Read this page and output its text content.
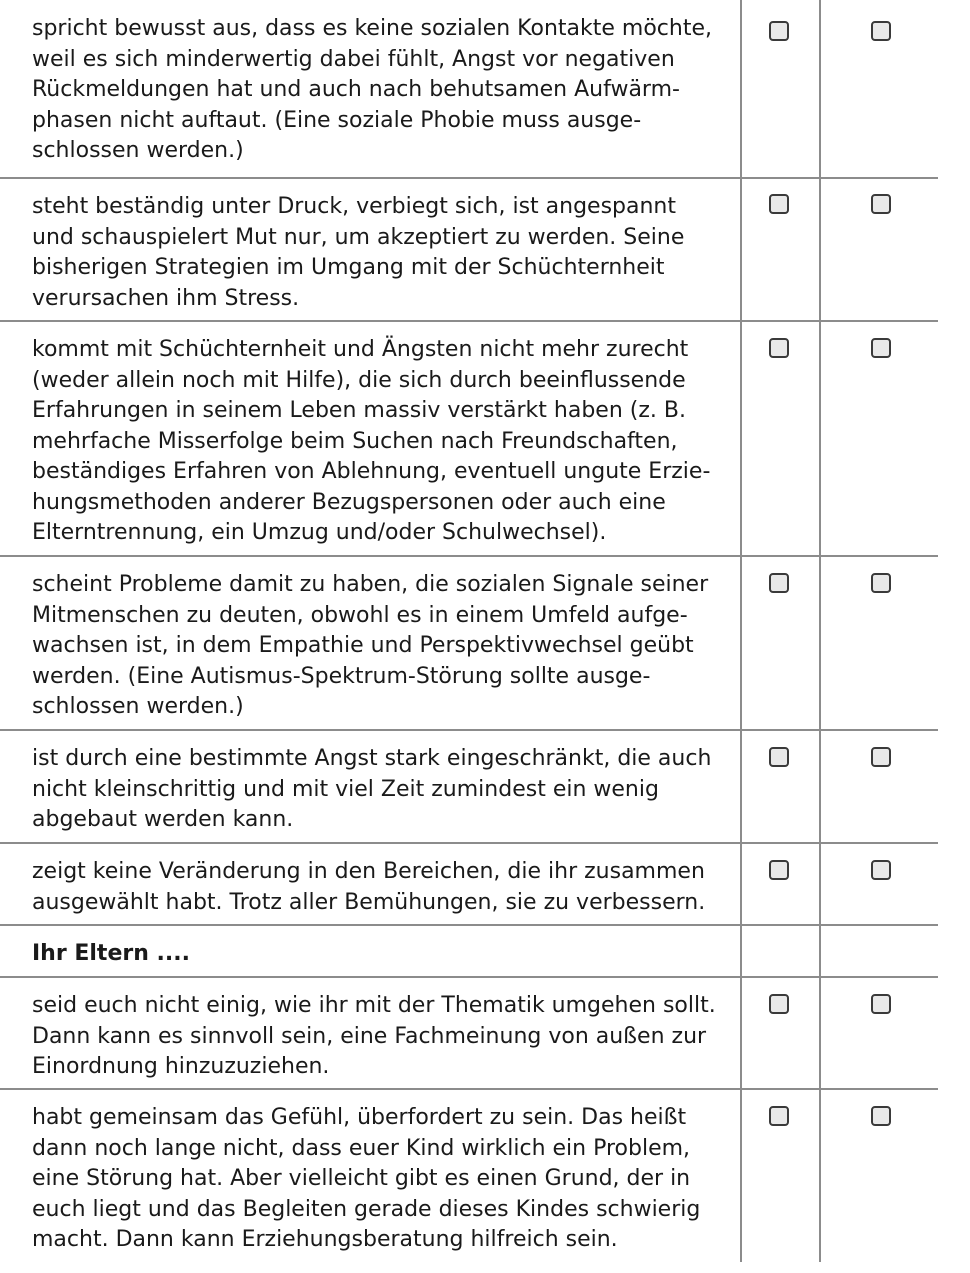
spricht bewusst aus, dass es keine sozialen Kontakte möchte,
weil es sich minderwertig dabei fühlt, Angst vor negativen
Rückmeldungen hat und auch nach behutsamen Aufwärm-
phasen nicht auftaut. (Eine soziale Phobie muss ausge-
schlossen werden.)
steht beständig unter Druck, verbiegt sich, ist angespannt
und schauspielert Mut nur, um akzeptiert zu werden. Seine
bisherigen Strategien im Umgang mit der Schüchternheit
verursachen ihm Stress.
kommt mit Schüchternheit und Ängsten nicht mehr zurecht
(weder allein noch mit Hilfe), die sich durch beeinflussende
Erfahrungen in seinem Leben massiv verstärkt haben (z. B.
mehrfache Misserfolge beim Suchen nach Freundschaften,
beständiges Erfahren von Ablehnung, eventuell ungute Erzie-
hungsmethoden anderer Bezugspersonen oder auch eine
Elterntrennung, ein Umzug und/oder Schulwechsel).
scheint Probleme damit zu haben, die sozialen Signale seiner
Mitmenschen zu deuten, obwohl es in einem Umfeld aufge-
wachsen ist, in dem Empathie und Perspektivwechsel geübt
werden. (Eine Autismus-Spektrum-Störung sollte ausge-
schlossen werden.)
ist durch eine bestimmte Angst stark eingeschränkt, die auch
nicht kleinschrittig und mit viel Zeit zumindest ein wenig
abgebaut werden kann.
zeigt keine Veränderung in den Bereichen, die ihr zusammen
ausgewählt habt. Trotz aller Bemühungen, sie zu verbessern.
Ihr Eltern ....
seid euch nicht einig, wie ihr mit der Thematik umgehen sollt.
Dann kann es sinnvoll sein, eine Fachmeinung von außen zur
Einordnung hinzuzuziehen.
habt gemeinsam das Gefühl, überfordert zu sein. Das heißt
dann noch lange nicht, dass euer Kind wirklich ein Problem,
eine Störung hat. Aber vielleicht gibt es einen Grund, der in
euch liegt und das Begleiten gerade dieses Kindes schwierig
macht. Dann kann Erziehungsberatung hilfreich sein.
